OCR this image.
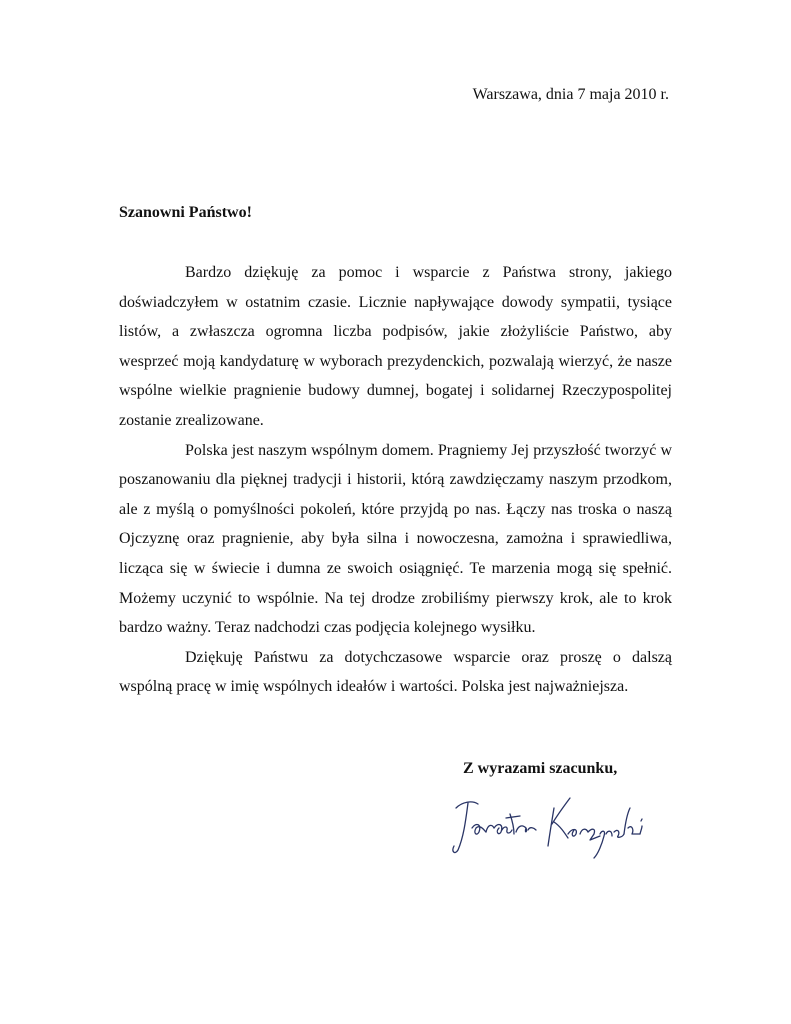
Warszawa, dnia 7 maja 2010 r.
Szanowni Państwo!

Bardzo dziękuję za pomoc i wsparcie z Państwa strony, jakiego doświadczyłem w ostatnim czasie. Licznie napływające dowody sympatii, tysiące listów, a zwłaszcza ogromna liczba podpisów, jakie złożyliście Państwo, aby wesprzeć moją kandydaturę w wyborach prezydenckich, pozwalają wierzyć, że nasze wspólne wielkie pragnienie budowy dumnej, bogatej i solidarnej Rzeczypospolitej zostanie zrealizowane.

Polska jest naszym wspólnym domem. Pragniemy Jej przyszłość tworzyć w poszanowaniu dla pięknej tradycji i historii, którą zawdzięczamy naszym przodkom, ale z myślą o pomyślności pokoleń, które przyjdą po nas. Łączy nas troska o naszą Ojczyznę oraz pragnienie, aby była silna i nowoczesna, zamożna i sprawiedliwa, licząca się w świecie i dumna ze swoich osiągnięć. Te marzenia mogą się spełnić. Możemy uczynić to wspólnie. Na tej drodze zrobiliśmy pierwszy krok, ale to krok bardzo ważny. Teraz nadchodzi czas podjęcia kolejnego wysiłku.

Dziękuję Państwu za dotychczasowe wsparcie oraz proszę o dalszą wspólną pracę w imię wspólnych ideałów i wartości. Polska jest najważniejsza.

Z wyrazami szacunku,
